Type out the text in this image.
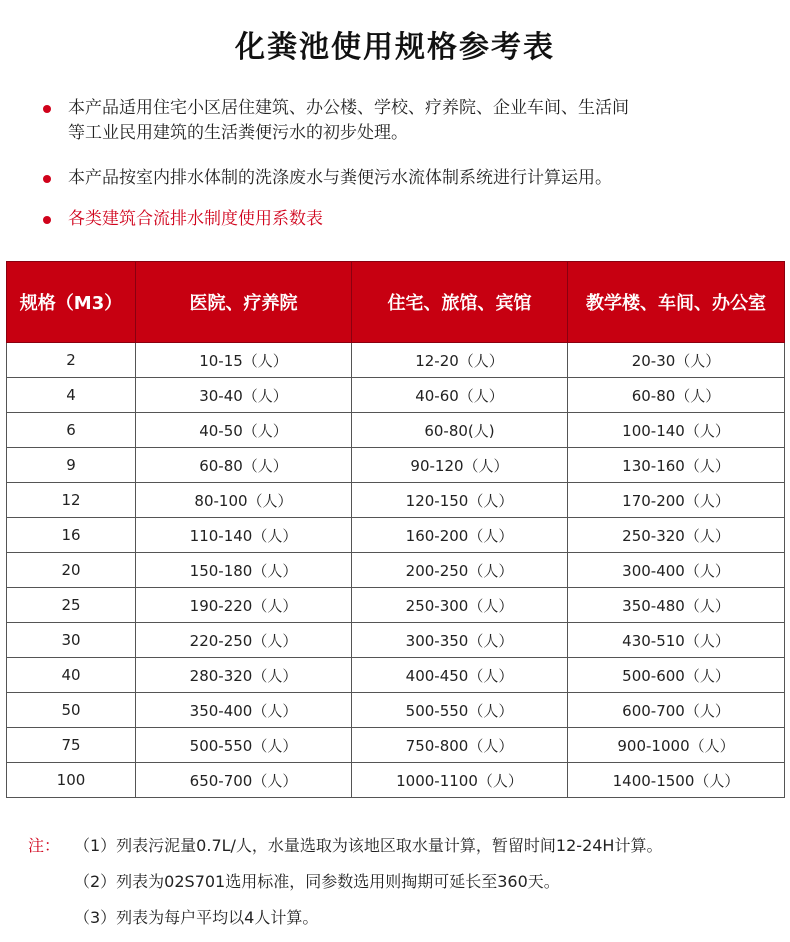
化粪池使用规格参考表
本产品适用住宅小区居住建筑、办公楼、学校、疗养院、企业车间、生活间
等工业民用建筑的生活粪便污水的初步处理。
本产品按室内排水体制的洗涤废水与粪便污水流体制系统进行计算运用。
各类建筑合流排水制度使用系数表
规格（M3）	医院、疗养院	住宅、旅馆、宾馆	教学楼、车间、办公室
2	10-15（人）	12-20（人）	20-30（人）
4	30-40（人）	40-60（人）	60-80（人）
6	40-50（人）	60-80(人)	100-140（人）
9	60-80（人）	90-120（人）	130-160（人）
12	80-100（人）	120-150（人）	170-200（人）
16	110-140（人）	160-200（人）	250-320（人）
20	150-180（人）	200-250（人）	300-400（人）
25	190-220（人）	250-300（人）	350-480（人）
30	220-250（人）	300-350（人）	430-510（人）
40	280-320（人）	400-450（人）	500-600（人）
50	350-400（人）	500-550（人）	600-700（人）
75	500-550（人）	750-800（人）	900-1000（人）
100	650-700（人）	1000-1100（人）	1400-1500（人）
注： （1）列表污泥量0.7L/人，水量选取为该地区取水量计算，暂留时间12-24H计算。
（2）列表为02S701选用标准，同参数选用则掏期可延长至360天。
（3）列表为每户平均以4人计算。
